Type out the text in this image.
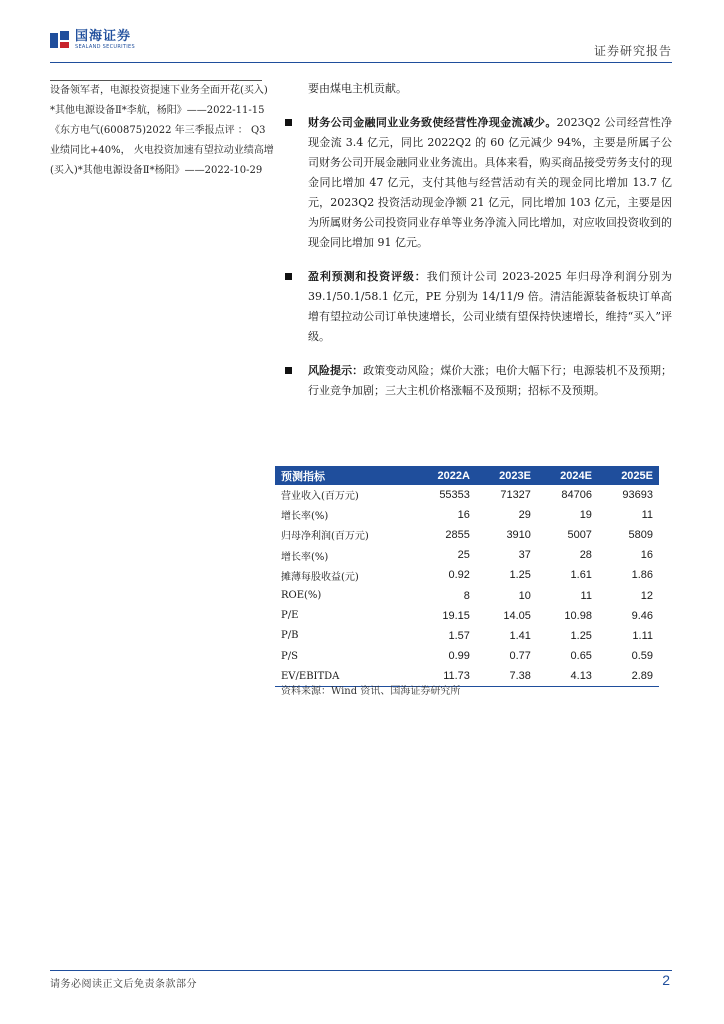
国海证券
SEALAND SECURITIES	证券研究报告
设备领军者，电源投资提速下业务全面开花(买入)
*其他电源设备Ⅱ*李航，杨阳》——2022-11-15
《东方电气(600875)2022 年三季报点评 ： Q3
业绩同比+40%， 火电投资加速有望拉动业绩高增
(买入)*其他电源设备Ⅱ*杨阳》——2022-10-29
要由煤电主机贡献。
财务公司金融同业业务致使经营性净现金流减少。2023Q2 公司经营性净现金流 3.4 亿元，同比 2022Q2 的 60 亿元减少 94%，主要是所属子公司财务公司开展金融同业业务流出。具体来看，购买商品接受劳务支付的现金同比增加 47 亿元，支付其他与经营活动有关的现金同比增加 13.7 亿元，2023Q2 投资活动现金净额 21 亿元，同比增加 103 亿元，主要是因为所属财务公司投资同业存单等业务净流入同比增加，对应收回投资收到的现金同比增加 91 亿元。
盈利预测和投资评级：我们预计公司 2023-2025 年归母净利润分别为 39.1/50.1/58.1 亿元，PE 分别为 14/11/9 倍。清洁能源装备板块订单高增有望拉动公司订单快速增长，公司业绩有望保持快速增长，维持“买入”评级。
风险提示：政策变动风险；煤价大涨；电价大幅下行；电源装机不及预期；行业竞争加剧；三大主机价格涨幅不及预期；招标不及预期。
预测指标	2022A	2023E	2024E	2025E
营业收入(百万元)	55353	71327	84706	93693
增长率(%)	16	29	19	11
归母净利润(百万元)	2855	3910	5007	5809
增长率(%)	25	37	28	16
摊薄每股收益(元)	0.92	1.25	1.61	1.86
ROE(%)	8	10	11	12
P/E	19.15	14.05	10.98	9.46
P/B	1.57	1.41	1.25	1.11
P/S	0.99	0.77	0.65	0.59
EV/EBITDA	11.73	7.38	4.13	2.89
资料来源：Wind 资讯、国海证券研究所
请务必阅读正文后免责条款部分	2
